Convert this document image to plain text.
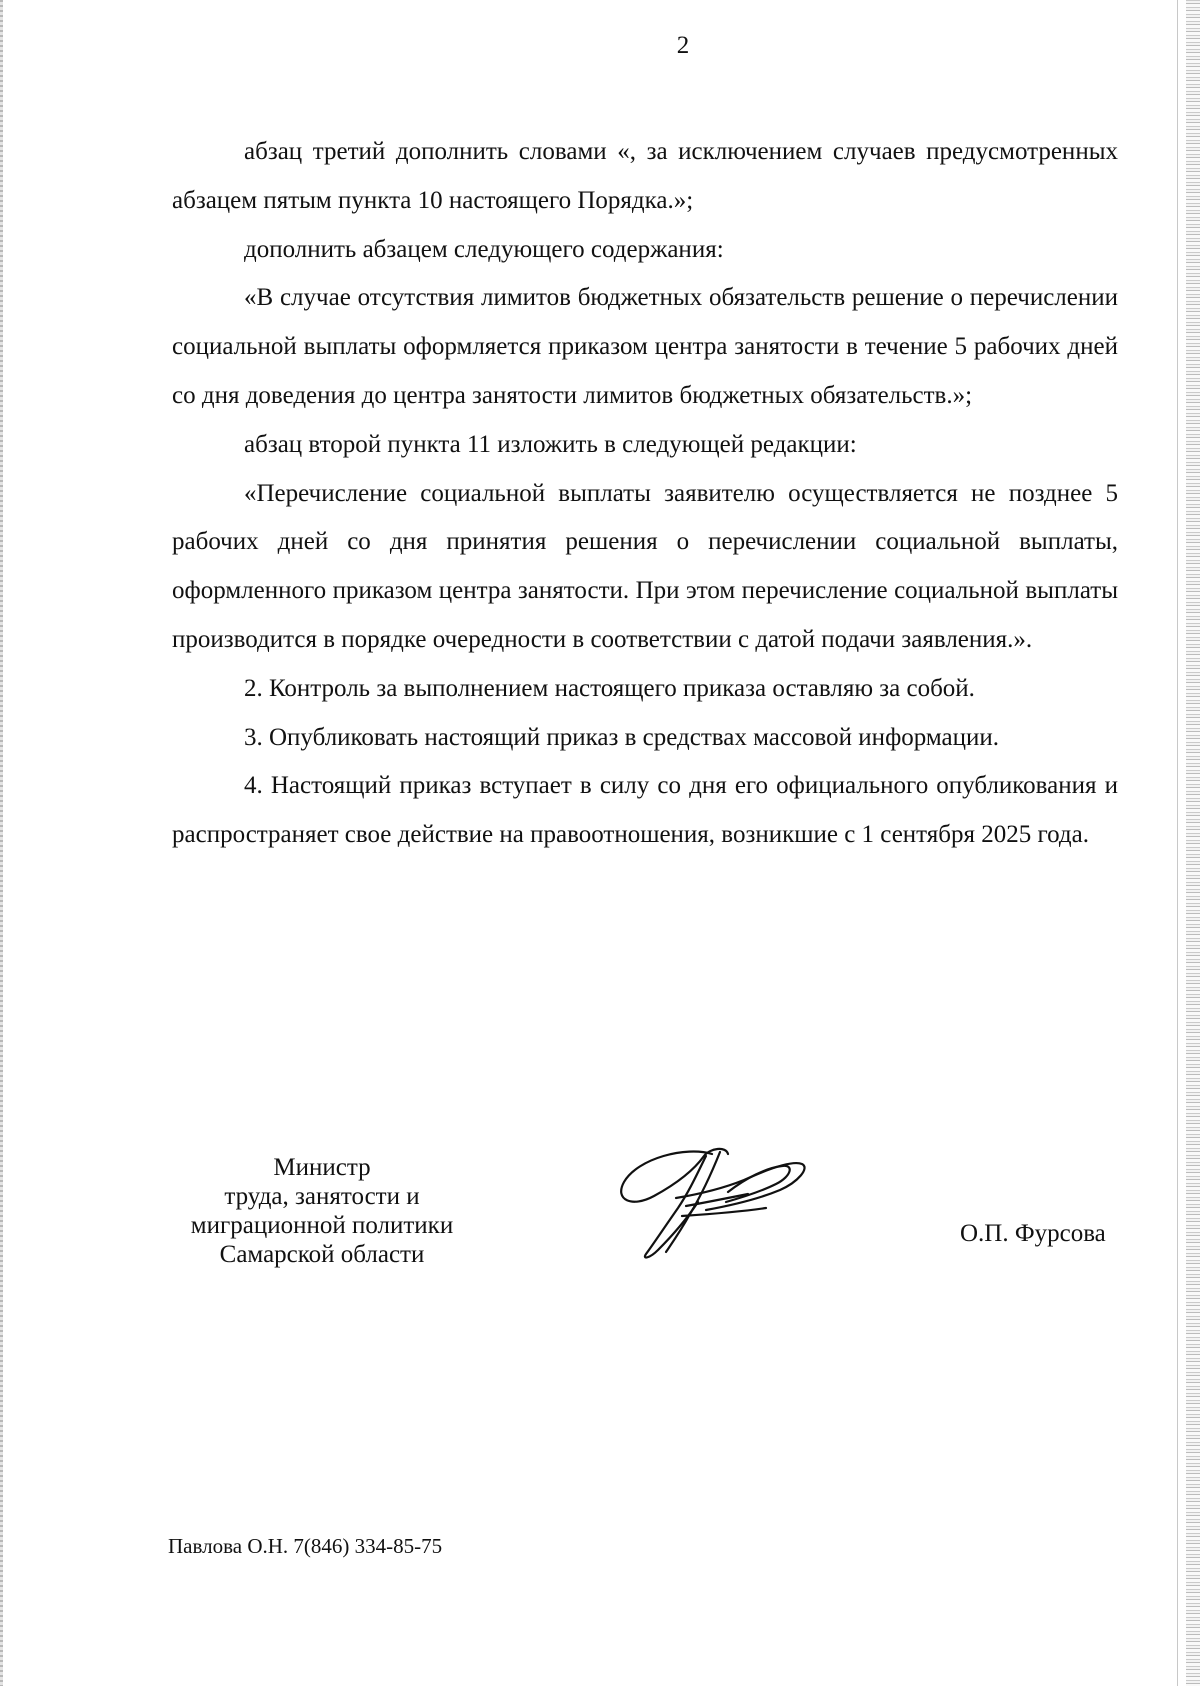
2

абзац третий дополнить словами «, за исключением случаев предусмотренных абзацем пятым пункта 10 настоящего Порядка.»;

дополнить абзацем следующего содержания:

«В случае отсутствия лимитов бюджетных обязательств решение о перечислении социальной выплаты оформляется приказом центра занятости в течение 5 рабочих дней со дня доведения до центра занятости лимитов бюджетных обязательств.»;

абзац второй пункта 11 изложить в следующей редакции:

«Перечисление социальной выплаты заявителю осуществляется не позднее 5 рабочих дней со дня принятия решения о перечислении социальной выплаты, оформленного приказом центра занятости. При этом перечисление социальной выплаты производится в порядке очередности в соответствии с датой подачи заявления.».

2. Контроль за выполнением настоящего приказа оставляю за собой.

3. Опубликовать настоящий приказ в средствах массовой информации.

4. Настоящий приказ вступает в силу со дня его официального опубликования и распространяет свое действие на правоотношения, возникшие с 1 сентября 2025 года.

Министр
труда, занятости и
миграционной политики
Самарской области
О.П. Фурсова
Павлова О.Н. 7(846) 334-85-75
